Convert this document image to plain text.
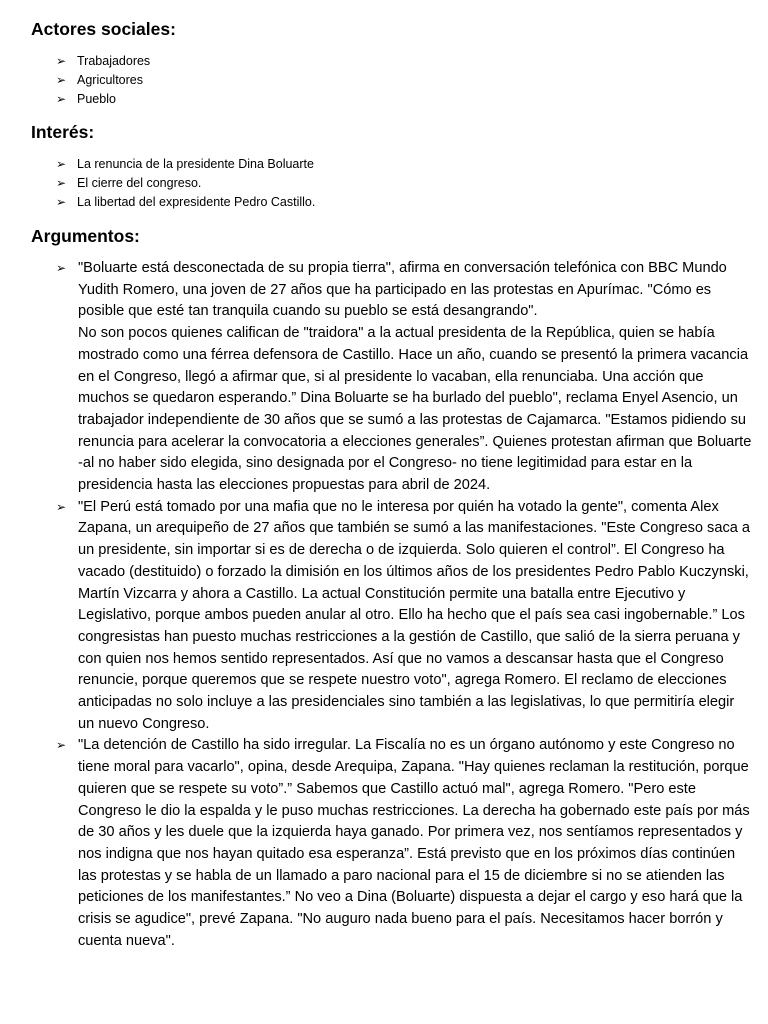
Actores sociales:
➢ Trabajadores
➢ Agricultores
➢ Pueblo
Interés:
➢ La renuncia de la presidente Dina Boluarte
➢ El cierre del congreso.
➢ La libertad del expresidente Pedro Castillo.
Argumentos:
➢ "Boluarte está desconectada de su propia tierra", afirma en conversación telefónica con BBC Mundo Yudith Romero, una joven de 27 años que ha participado en las protestas en Apurímac. "Cómo es posible que esté tan tranquila cuando su pueblo se está desangrando".
No son pocos quienes califican de "traidora" a la actual presidenta de la República, quien se había mostrado como una férrea defensora de Castillo. Hace un año, cuando se presentó la primera vacancia en el Congreso, llegó a afirmar que, si al presidente lo vacaban, ella renunciaba. Una acción que muchos se quedaron esperando.” Dina Boluarte se ha burlado del pueblo", reclama Enyel Asencio, un trabajador independiente de 30 años que se sumó a las protestas de Cajamarca. "Estamos pidiendo su renuncia para acelerar la convocatoria a elecciones generales”. Quienes protestan afirman que Boluarte -al no haber sido elegida, sino designada por el Congreso- no tiene legitimidad para estar en la presidencia hasta las elecciones propuestas para abril de 2024.
➢ "El Perú está tomado por una mafia que no le interesa por quién ha votado la gente", comenta Alex Zapana, un arequipeño de 27 años que también se sumó a las manifestaciones. "Este Congreso saca a un presidente, sin importar si es de derecha o de izquierda. Solo quieren el control”. El Congreso ha vacado (destituido) o forzado la dimisión en los últimos años de los presidentes Pedro Pablo Kuczynski, Martín Vizcarra y ahora a Castillo. La actual Constitución permite una batalla entre Ejecutivo y Legislativo, porque ambos pueden anular al otro. Ello ha hecho que el país sea casi ingobernable.” Los congresistas han puesto muchas restricciones a la gestión de Castillo, que salió de la sierra peruana y con quien nos hemos sentido representados. Así que no vamos a descansar hasta que el Congreso renuncie, porque queremos que se respete nuestro voto", agrega Romero. El reclamo de elecciones anticipadas no solo incluye a las presidenciales sino también a las legislativas, lo que permitiría elegir un nuevo Congreso.
➢ "La detención de Castillo ha sido irregular. La Fiscalía no es un órgano autónomo y este Congreso no tiene moral para vacarlo", opina, desde Arequipa, Zapana. "Hay quienes reclaman la restitución, porque quieren que se respete su voto”.” Sabemos que Castillo actuó mal", agrega Romero. "Pero este Congreso le dio la espalda y le puso muchas restricciones. La derecha ha gobernado este país por más de 30 años y les duele que la izquierda haya ganado. Por primera vez, nos sentíamos representados y nos indigna que nos hayan quitado esa esperanza”. Está previsto que en los próximos días continúen las protestas y se habla de un llamado a paro nacional para el 15 de diciembre si no se atienden las peticiones de los manifestantes.” No veo a Dina (Boluarte) dispuesta a dejar el cargo y eso hará que la crisis se agudice", prevé Zapana. "No auguro nada bueno para el país. Necesitamos hacer borrón y cuenta nueva".
